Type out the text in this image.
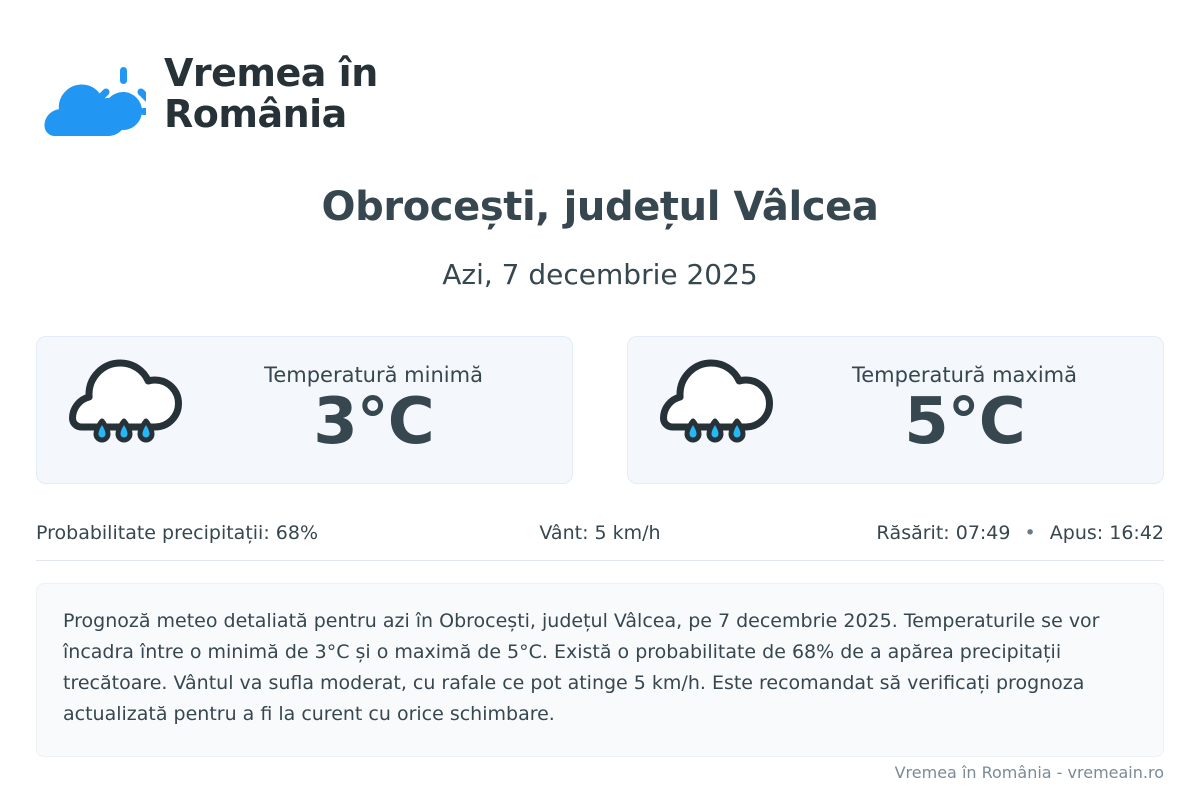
Vremea în România
Obrocești, județul Vâlcea
Azi, 7 decembrie 2025
Temperatură minimă
3°C
Temperatură maximă
5°C
Probabilitate precipitații: 68%	Vânt: 5 km/h	Răsărit: 07:49 • Apus: 16:42
Prognoză meteo detaliată pentru azi în Obrocești, județul Vâlcea, pe 7 decembrie 2025. Temperaturile se vor încadra între o minimă de 3°C și o maximă de 5°C. Există o probabilitate de 68% de a apărea precipitații trecătoare. Vântul va sufla moderat, cu rafale ce pot atinge 5 km/h. Este recomandat să verificați prognoza actualizată pentru a fi la curent cu orice schimbare.
Vremea în România - vremeain.ro
